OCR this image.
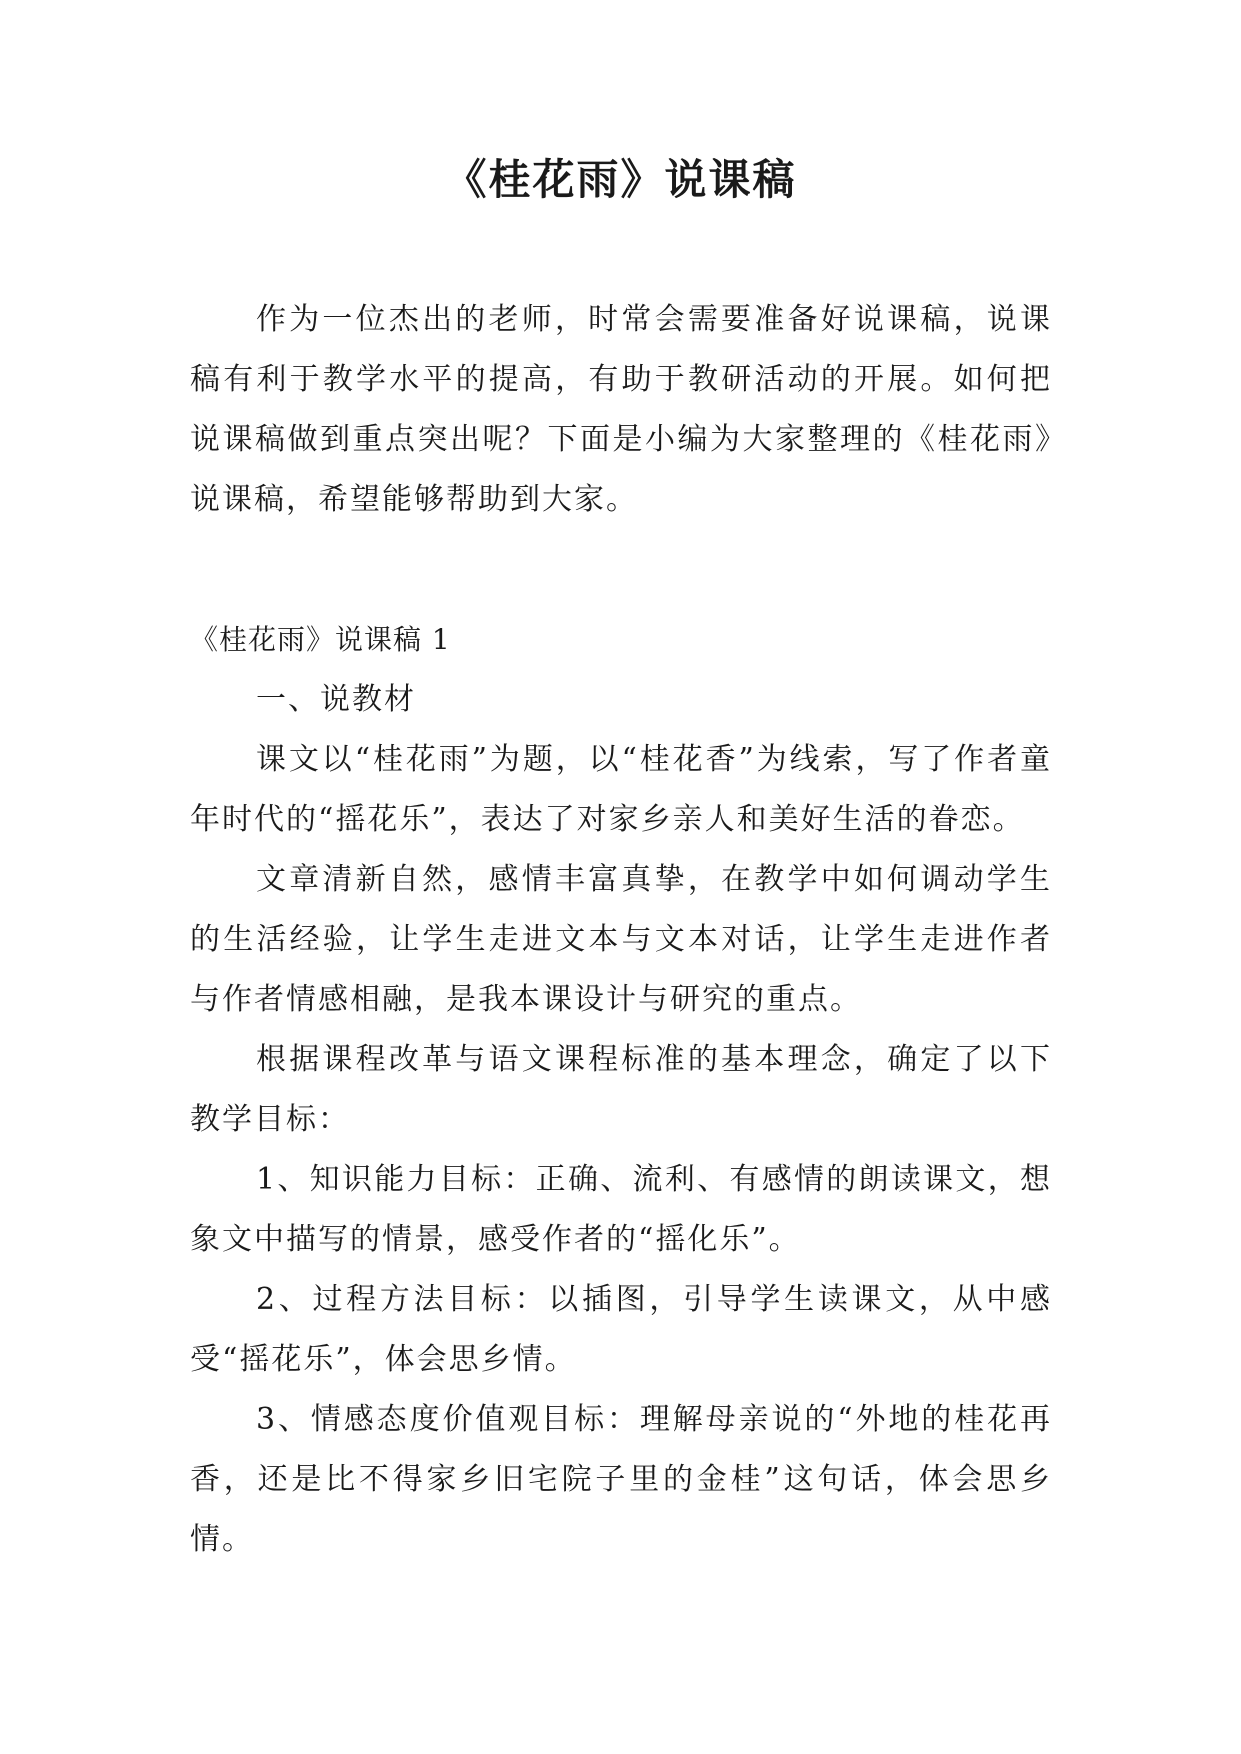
《桂花雨》说课稿

作为一位杰出的老师，时常会需要准备好说课稿，说课稿有利于教学水平的提高，有助于教研活动的开展。如何把说课稿做到重点突出呢？下面是小编为大家整理的《桂花雨》说课稿，希望能够帮助到大家。

《桂花雨》说课稿 1

一、说教材

课文以“桂花雨”为题，以“桂花香”为线索，写了作者童年时代的“摇花乐”，表达了对家乡亲人和美好生活的眷恋。

文章清新自然，感情丰富真挚，在教学中如何调动学生的生活经验，让学生走进文本与文本对话，让学生走进作者与作者情感相融，是我本课设计与研究的重点。

根据课程改革与语文课程标准的基本理念，确定了以下教学目标：

1、知识能力目标：正确、流利、有感情的朗读课文，想象文中描写的情景，感受作者的“摇化乐”。

2、过程方法目标：以插图，引导学生读课文，从中感受“摇花乐”，体会思乡情。

3、情感态度价值观目标：理解母亲说的“外地的桂花再香，还是比不得家乡旧宅院子里的金桂”这句话，体会思乡情。
